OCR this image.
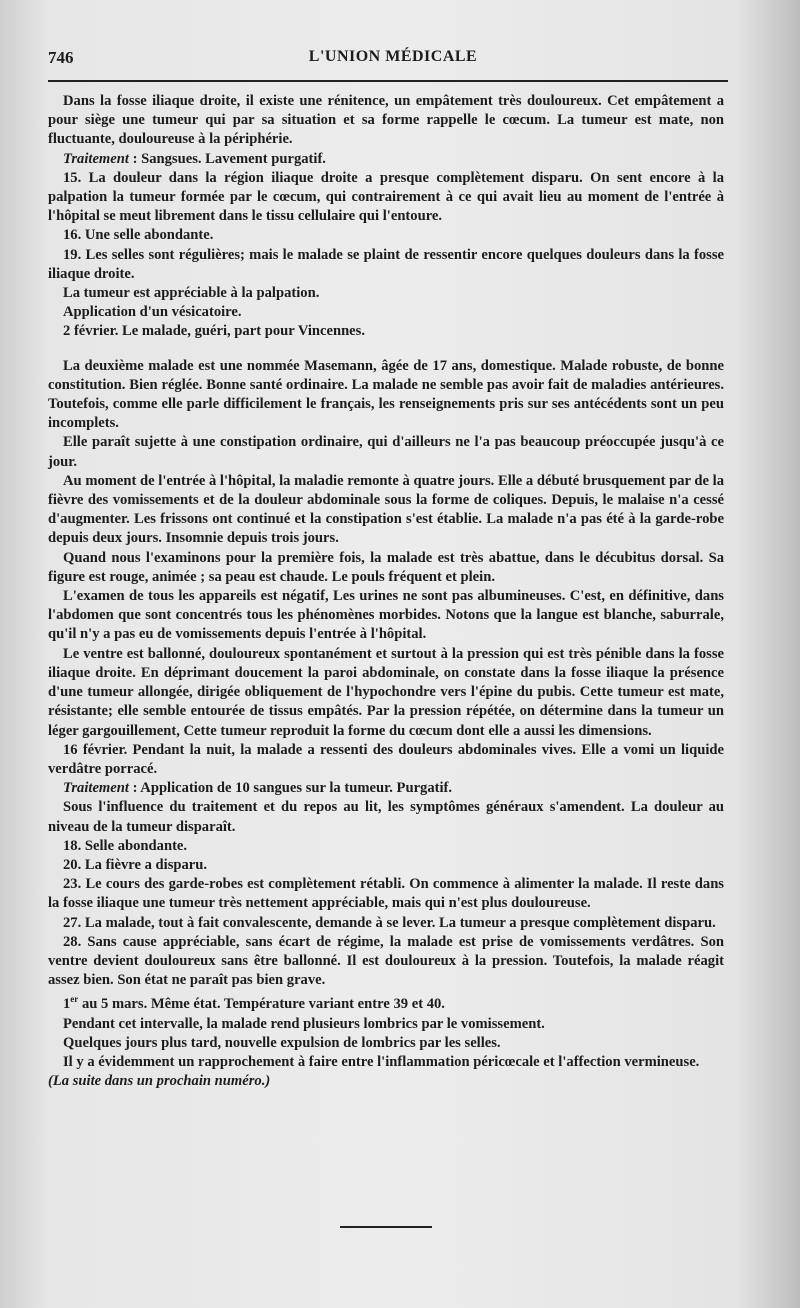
746	L'UNION MÉDICALE

Dans la fosse iliaque droite, il existe une rénitence, un empâtement très douloureux. Cet empâtement a pour siège une tumeur qui par sa situation et sa forme rappelle le cœcum. La tumeur est mate, non fluctuante, douloureuse à la périphérie.

Traitement : Sangsues. Lavement purgatif.

15. La douleur dans la région iliaque droite a presque complètement disparu. On sent encore à la palpation la tumeur formée par le cœcum, qui contrairement à ce qui avait lieu au moment de l'entrée à l'hôpital se meut librement dans le tissu cellulaire qui l'entoure.

16. Une selle abondante.

19. Les selles sont régulières; mais le malade se plaint de ressentir encore quelques douleurs dans la fosse iliaque droite.

La tumeur est appréciable à la palpation.

Application d'un vésicatoire.

2 février. Le malade, guéri, part pour Vincennes.

La deuxième malade est une nommée Masemann, âgée de 17 ans, domestique. Malade robuste, de bonne constitution. Bien réglée. Bonne santé ordinaire. La malade ne semble pas avoir fait de maladies antérieures. Toutefois, comme elle parle difficilement le français, les renseignements pris sur ses antécédents sont un peu incomplets.

Elle paraît sujette à une constipation ordinaire, qui d'ailleurs ne l'a pas beaucoup préoccupée jusqu'à ce jour.

Au moment de l'entrée à l'hôpital, la maladie remonte à quatre jours. Elle a débuté brusquement par de la fièvre des vomissements et de la douleur abdominale sous la forme de coliques. Depuis, le malaise n'a cessé d'augmenter. Les frissons ont continué et la constipation s'est établie. La malade n'a pas été à la garde-robe depuis deux jours. Insomnie depuis trois jours.

Quand nous l'examinons pour la première fois, la malade est très abattue, dans le décubitus dorsal. Sa figure est rouge, animée ; sa peau est chaude. Le pouls fréquent et plein.

L'examen de tous les appareils est négatif, Les urines ne sont pas albumineuses. C'est, en définitive, dans l'abdomen que sont concentrés tous les phénomènes morbides. Notons que la langue est blanche, saburrale, qu'il n'y a pas eu de vomissements depuis l'entrée à l'hôpital.

Le ventre est ballonné, douloureux spontanément et surtout à la pression qui est très pénible dans la fosse iliaque droite. En déprimant doucement la paroi abdominale, on constate dans la fosse iliaque la présence d'une tumeur allongée, dirigée obliquement de l'hypochondre vers l'épine du pubis. Cette tumeur est mate, résistante; elle semble entourée de tissus empâtés. Par la pression répétée, on détermine dans la tumeur un léger gargouillement, Cette tumeur reproduit la forme du cœcum dont elle a aussi les dimensions.

16 février. Pendant la nuit, la malade a ressenti des douleurs abdominales vives. Elle a vomi un liquide verdâtre porracé.

Traitement : Application de 10 sangues sur la tumeur. Purgatif.

Sous l'influence du traitement et du repos au lit, les symptômes généraux s'amendent. La douleur au niveau de la tumeur disparaît.

18. Selle abondante.

20. La fièvre a disparu.

23. Le cours des garde-robes est complètement rétabli. On commence à alimenter la malade. Il reste dans la fosse iliaque une tumeur très nettement appréciable, mais qui n'est plus douloureuse.

27. La malade, tout à fait convalescente, demande à se lever. La tumeur a presque complètement disparu.

28. Sans cause appréciable, sans écart de régime, la malade est prise de vomissements verdâtres. Son ventre devient douloureux sans être ballonné. Il est douloureux à la pression. Toutefois, la malade réagit assez bien. Son état ne paraît pas bien grave.

1er au 5 mars. Même état. Température variant entre 39 et 40.

Pendant cet intervalle, la malade rend plusieurs lombrics par le vomissement.

Quelques jours plus tard, nouvelle expulsion de lombrics par les selles.

Il y a évidemment un rapprochement à faire entre l'inflammation péricœcale et l'affection vermineuse.

(La suite dans un prochain numéro.)
